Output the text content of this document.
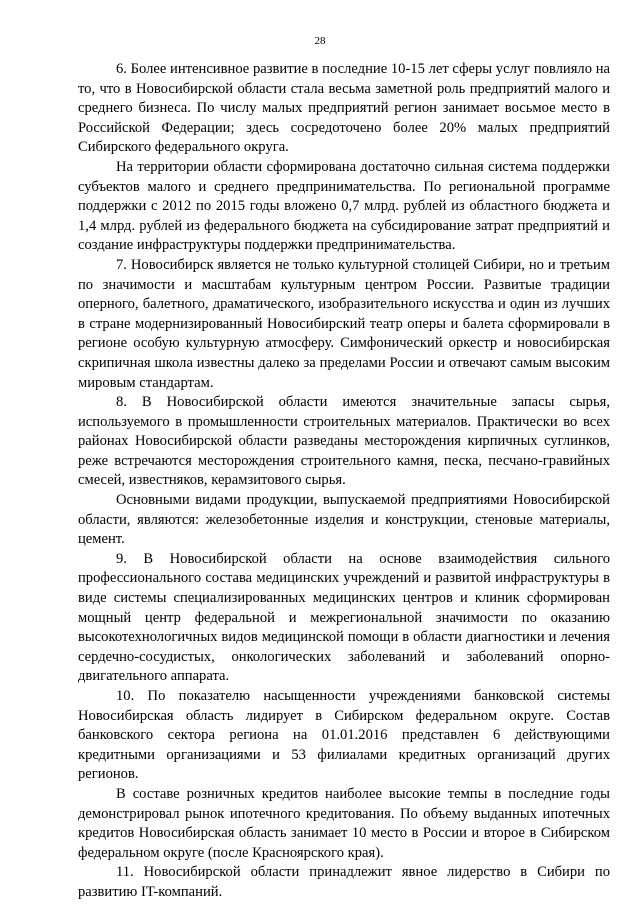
28

6. Более интенсивное развитие в последние 10-15 лет сферы услуг повлияло на то, что в Новосибирской области стала весьма заметной роль предприятий малого и среднего бизнеса. По числу малых предприятий регион занимает восьмое место в Российской Федерации; здесь сосредоточено более 20% малых предприятий Сибирского федерального округа.

На территории области сформирована достаточно сильная система поддержки субъектов малого и среднего предпринимательства. По региональной программе поддержки с 2012 по 2015 годы вложено 0,7 млрд. рублей из областного бюджета и 1,4 млрд. рублей из федерального бюджета на субсидирование затрат предприятий и создание инфраструктуры поддержки предпринимательства.

7. Новосибирск является не только культурной столицей Сибири, но и третьим по значимости и масштабам культурным центром России. Развитые традиции оперного, балетного, драматического, изобразительного искусства и один из лучших в стране модернизированный Новосибирский театр оперы и балета сформировали в регионе особую культурную атмосферу. Симфонический оркестр и новосибирская скрипичная школа известны далеко за пределами России и отвечают самым высоким мировым стандартам.

8. В Новосибирской области имеются значительные запасы сырья, используемого в промышленности строительных материалов. Практически во всех районах Новосибирской области разведаны месторождения кирпичных суглинков, реже встречаются месторождения строительного камня, песка, песчано-гравийных смесей, известняков, керамзитового сырья.

Основными видами продукции, выпускаемой предприятиями Новосибирской области, являются: железобетонные изделия и конструкции, стеновые материалы, цемент.

9. В Новосибирской области на основе взаимодействия сильного профессионального состава медицинских учреждений и развитой инфраструктуры в виде системы специализированных медицинских центров и клиник сформирован мощный центр федеральной и межрегиональной значимости по оказанию высокотехнологичных видов медицинской помощи в области диагностики и лечения сердечно-сосудистых, онкологических заболеваний и заболеваний опорно-двигательного аппарата.

10. По показателю насыщенности учреждениями банковской системы Новосибирская область лидирует в Сибирском федеральном округе. Состав банковского сектора региона на 01.01.2016 представлен 6 действующими кредитными организациями и 53 филиалами кредитных организаций других регионов.

В составе розничных кредитов наиболее высокие темпы в последние годы демонстрировал рынок ипотечного кредитования. По объему выданных ипотечных кредитов Новосибирская область занимает 10 место в России и второе в Сибирском федеральном округе (после Красноярского края).

11. Новосибирской области принадлежит явное лидерство в Сибири по развитию IT-компаний.
